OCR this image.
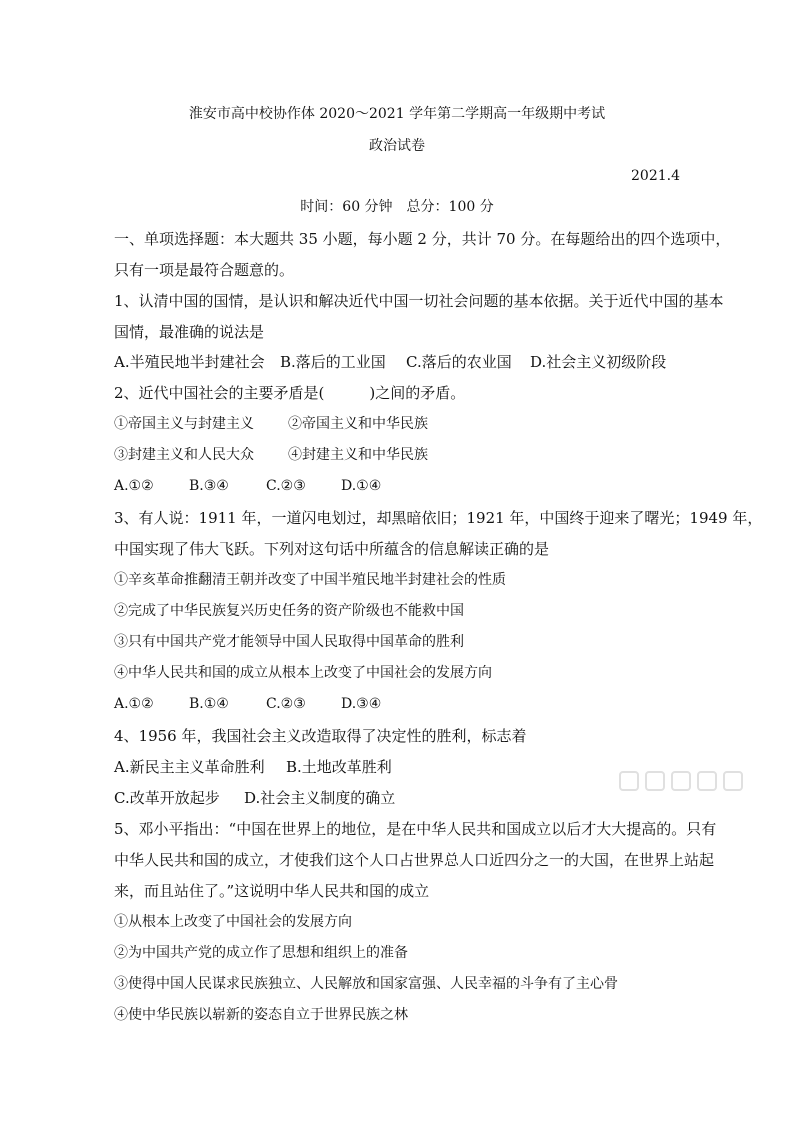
淮安市高中校协作体 2020～2021 学年第二学期高一年级期中考试
政治试卷
2021.4
时间：60 分钟　总分：100 分
一、单项选择题：本大题共 35 小题，每小题 2 分，共计 70 分。在每题给出的四个选项中，
只有一项是最符合题意的。
1、认清中国的国情，是认识和解决近代中国一切社会问题的基本依据。关于近代中国的基本
国情，最准确的说法是
A.半殖民地半封建社会 B.落后的工业国 C.落后的农业国 D.社会主义初级阶段
2、近代中国社会的主要矛盾是(　　　)之间的矛盾。
①帝国主义与封建主义 ②帝国主义和中华民族
③封建主义和人民大众 ④封建主义和中华民族
A.①②	B.③④	C.②③	D.①④
3、有人说：1911 年，一道闪电划过，却黑暗依旧；1921 年，中国终于迎来了曙光；1949 年，
中国实现了伟大飞跃。下列对这句话中所蕴含的信息解读正确的是
①辛亥革命推翻清王朝并改变了中国半殖民地半封建社会的性质
②完成了中华民族复兴历史任务的资产阶级也不能救中国
③只有中国共产党才能领导中国人民取得中国革命的胜利
④中华人民共和国的成立从根本上改变了中国社会的发展方向
A.①②	B.①④	C.②③	D.③④
4、1956 年，我国社会主义改造取得了决定性的胜利，标志着
A.新民主主义革命胜利 B.土地改革胜利
C.改革开放起步 D.社会主义制度的确立
5、邓小平指出：“中国在世界上的地位，是在中华人民共和国成立以后才大大提高的。只有
中华人民共和国的成立，才使我们这个人口占世界总人口近四分之一的大国，在世界上站起
来，而且站住了。”这说明中华人民共和国的成立
①从根本上改变了中国社会的发展方向
②为中国共产党的成立作了思想和组织上的准备
③使得中国人民谋求民族独立、人民解放和国家富强、人民幸福的斗争有了主心骨
④使中华民族以崭新的姿态自立于世界民族之林
